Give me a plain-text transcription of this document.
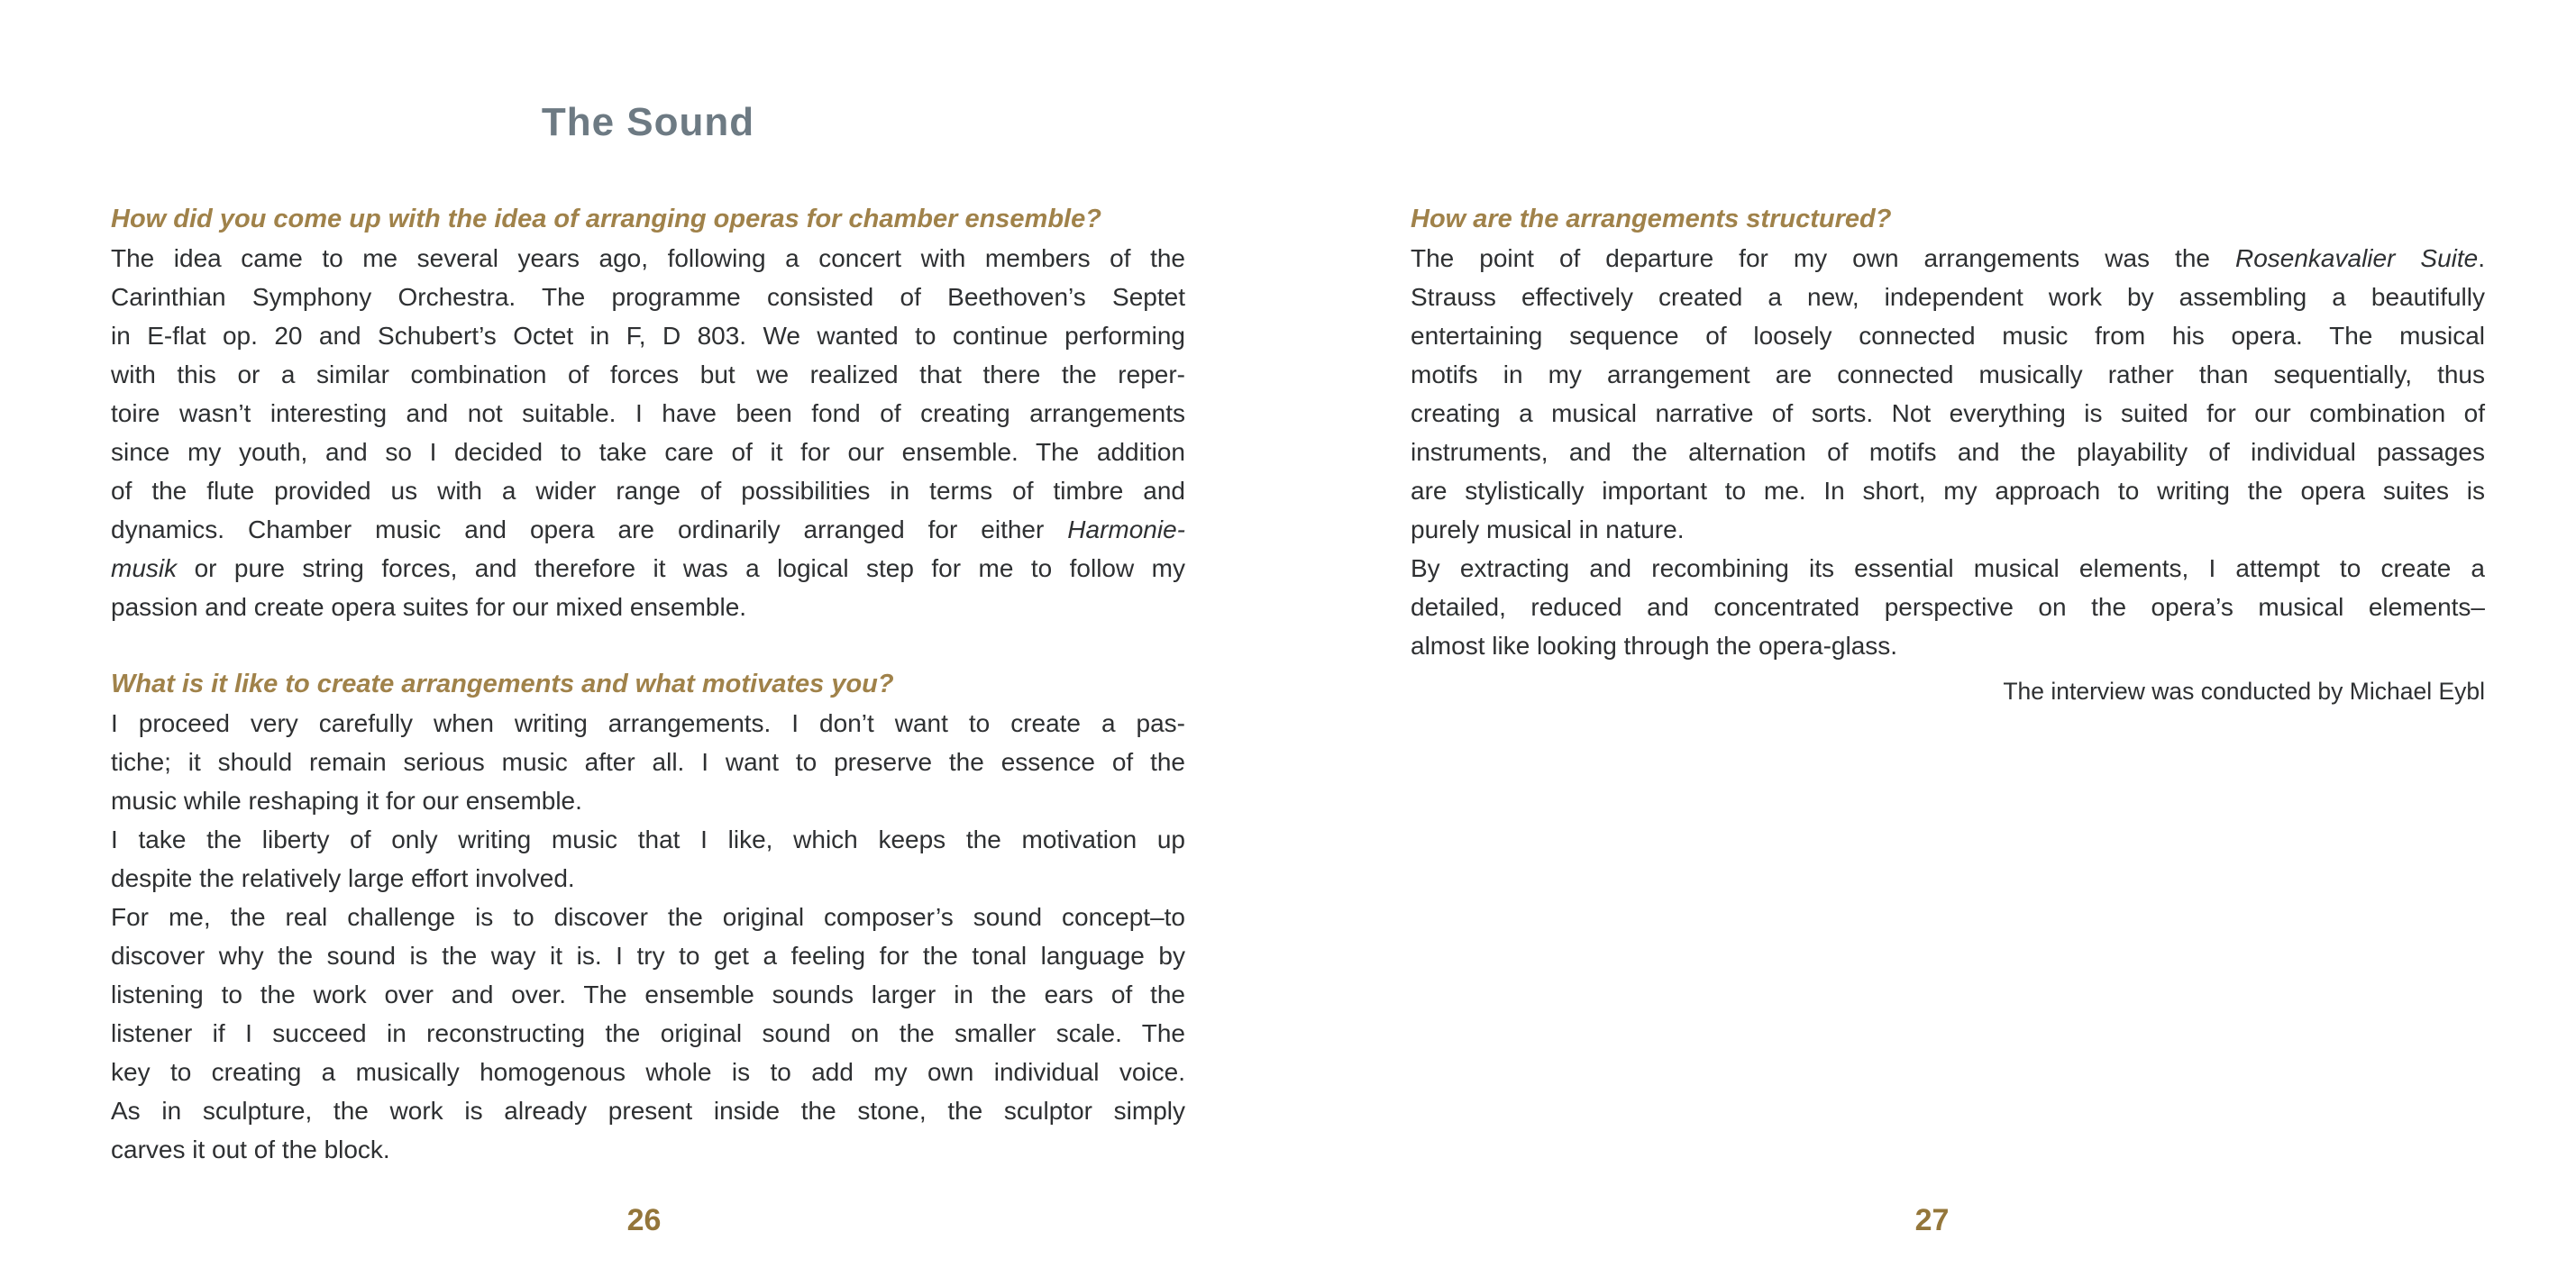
The Sound
How did you come up with the idea of arranging operas for chamber ensemble?
The idea came to me several years ago, following a concert with members of the
Carinthian Symphony Orchestra. The programme consisted of Beethoven’s Septet
in E-flat op. 20 and Schubert’s Octet in F, D 803. We wanted to continue performing
with this or a similar combination of forces but we realized that there the reper-
toire wasn’t interesting and not suitable. I have been fond of creating arrangements
since my youth, and so I decided to take care of it for our ensemble. The addition
of the flute provided us with a wider range of possibilities in terms of timbre and
dynamics. Chamber music and opera are ordinarily arranged for either Harmonie-
musik or pure string forces, and therefore it was a logical step for me to follow my
passion and create opera suites for our mixed ensemble.
What is it like to create arrangements and what motivates you?
I proceed very carefully when writing arrangements. I don’t want to create a pas-
tiche; it should remain serious music after all. I want to preserve the essence of the
music while reshaping it for our ensemble.
I take the liberty of only writing music that I like, which keeps the motivation up
despite the relatively large effort involved.
For me, the real challenge is to discover the original composer’s sound concept–to
discover why the sound is the way it is. I try to get a feeling for the tonal language by
listening to the work over and over. The ensemble sounds larger in the ears of the
listener if I succeed in reconstructing the original sound on the smaller scale. The
key to creating a musically homogenous whole is to add my own individual voice.
As in sculpture, the work is already present inside the stone, the sculptor simply
carves it out of the block.
26
How are the arrangements structured?
The point of departure for my own arrangements was the Rosenkavalier Suite.
Strauss effectively created a new, independent work by assembling a beautifully
entertaining sequence of loosely connected music from his opera. The musical
motifs in my arrangement are connected musically rather than sequentially, thus
creating a musical narrative of sorts. Not everything is suited for our combination of
instruments, and the alternation of motifs and the playability of individual passages
are stylistically important to me. In short, my approach to writing the opera suites is
purely musical in nature.
By extracting and recombining its essential musical elements, I attempt to create a
detailed, reduced and concentrated perspective on the opera’s musical elements–
almost like looking through the opera-glass.
The interview was conducted by Michael Eybl
27
